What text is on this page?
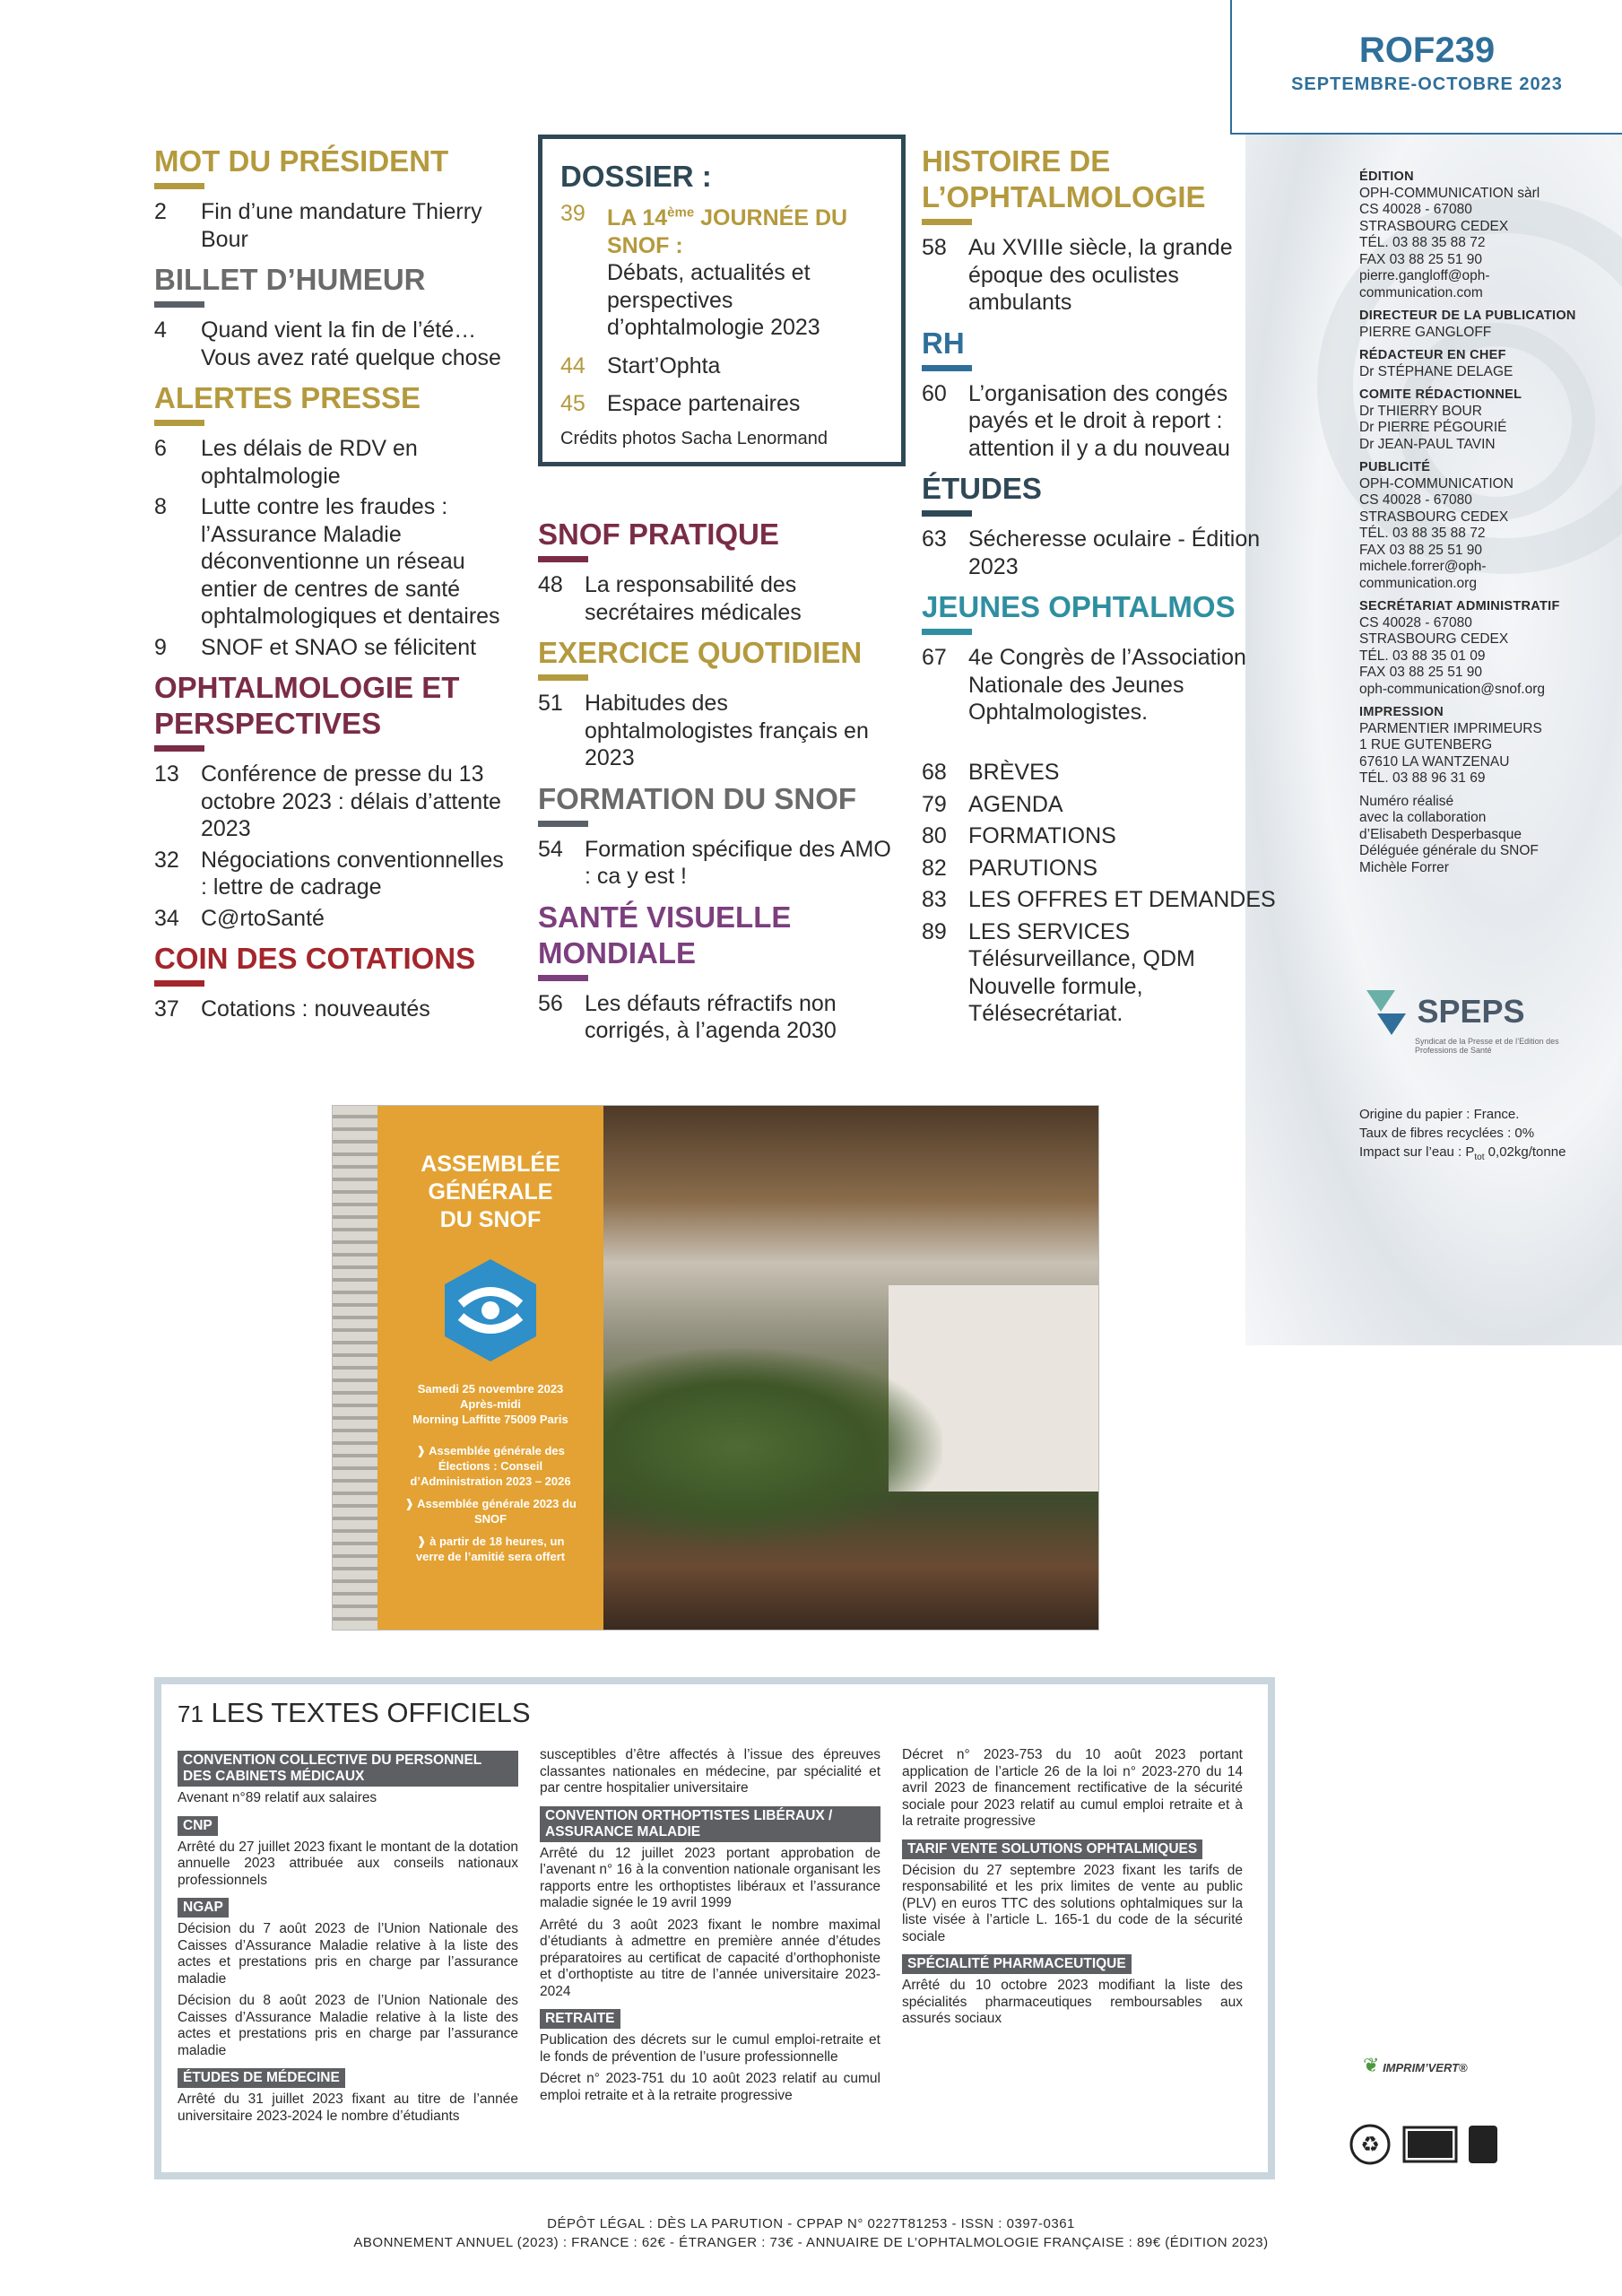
ROF239
SEPTEMBRE-OCTOBRE 2023
MOT DU PRÉSIDENT
2	Fin d’une mandature Thierry Bour
BILLET D’HUMEUR
4	Quand vient la fin de l’été… Vous avez raté quelque chose
ALERTES PRESSE
6	Les délais de RDV en ophtalmologie
8	Lutte contre les fraudes : l’Assurance Maladie déconventionne un réseau entier de centres de santé ophtalmologiques et dentaires
9	SNOF et SNAO se félicitent
OPHTALMOLOGIE ET PERSPECTIVES
13 Conférence de presse du 13 octobre 2023 : délais d’attente 2023
32 Négociations conventionnelles : lettre de cadrage
34 C@rtoSanté
COIN DES COTATIONS
37 Cotations : nouveautés
DOSSIER :
39 LA 14ème JOURNÉE DU SNOF :
Débats, actualités et perspectives d’ophtalmologie 2023
44 Start’Ophta
45 Espace partenaires
Crédits photos Sacha Lenormand
SNOF PRATIQUE
48 La responsabilité des secrétaires médicales
EXERCICE QUOTIDIEN
51 Habitudes des ophtalmologistes français en 2023
FORMATION DU SNOF
54 Formation spécifique des AMO : ca y est !
SANTÉ VISUELLE MONDIALE
56 Les défauts réfractifs non corrigés, à l’agenda 2030
HISTOIRE DE L’OPHTALMOLOGIE
58 Au XVIIIe siècle, la grande époque des oculistes ambulants
RH
60 L’organisation des congés payés et le droit à report : attention il y a du nouveau
ÉTUDES
63 Sécheresse oculaire - Édition 2023
JEUNES OPHTALMOS
67 4e Congrès de l’Association Nationale des Jeunes Ophtalmologistes.
68 BRÈVES
79 AGENDA
80 FORMATIONS
82 PARUTIONS
83 LES OFFRES ET DEMANDES
89 LES SERVICES
Télésurveillance, QDM Nouvelle formule, Télésecrétariat.
ÉDITION
OPH-COMMUNICATION sàrl
CS 40028 - 67080
STRASBOURG CEDEX
TÉL. 03 88 35 88 72
FAX 03 88 25 51 90
pierre.gangloff@oph-communication.com
DIRECTEUR DE LA PUBLICATION
PIERRE GANGLOFF
RÉDACTEUR EN CHEF
Dr STÉPHANE DELAGE
COMITE RÉDACTIONNEL
Dr THIERRY BOUR
Dr PIERRE PÉGOURIÉ
Dr JEAN-PAUL TAVIN
PUBLICITÉ
OPH-COMMUNICATION
CS 40028 - 67080
STRASBOURG CEDEX
TÉL. 03 88 35 88 72
FAX 03 88 25 51 90
michele.forrer@oph-communication.org
SECRÉTARIAT ADMINISTRATIF
CS 40028 - 67080
STRASBOURG CEDEX
TÉL. 03 88 35 01 09
FAX 03 88 25 51 90
oph-communication@snof.org
IMPRESSION
PARMENTIER IMPRIMEURS
1 RUE GUTENBERG
67610 LA WANTZENAU
TÉL. 03 88 96 31 69
Numéro réalisé
avec la collaboration
d’Elisabeth Desperbasque
Déléguée générale du SNOF
Michèle Forrer
SPEPS
Syndicat de la Presse et de l’Edition des Professions de Santé
Origine du papier : France.
Taux de fibres recyclées : 0%
Impact sur l’eau : $P_{tot}$ 0,02kg/tonne
ASSEMBLÉE GÉNÉRALE DU SNOF
Samedi 25 novembre 2023
Après-midi
Morning Laffitte 75009 Paris
❱ Assemblée générale des Élections : Conseil d’Administration 2023 – 2026
❱ Assemblée générale 2023 du SNOF
❱ à partir de 18 heures, un verre de l’amitié sera offert
71 LES TEXTES OFFICIELS
CONVENTION COLLECTIVE DU PERSONNEL DES CABINETS MÉDICAUX

Avenant n°89 relatif aux salaires
CNP

Arrêté du 27 juillet 2023 fixant le montant de la dotation annuelle 2023 attribuée aux conseils nationaux professionnels
NGAP

Décision du 7 août 2023 de l’Union Nationale des Caisses d’Assurance Maladie relative à la liste des actes et prestations pris en charge par l’assurance maladie
Décision du 8 août 2023 de l’Union Nationale des Caisses d’Assurance Maladie relative à la liste des actes et prestations pris en charge par l’assurance maladie
ÉTUDES DE MÉDECINE

Arrêté du 31 juillet 2023 fixant au titre de l’année universitaire 2023-2024 le nombre d’étudiants
susceptibles d’être affectés à l’issue des épreuves classantes nationales en médecine, par spécialité et par centre hospitalier universitaire
CONVENTION ORTHOPTISTES LIBÉRAUX / ASSURANCE MALADIE

Arrêté du 12 juillet 2023 portant approbation de l’avenant n° 16 à la convention nationale organisant les rapports entre les orthoptistes libéraux et l’assurance maladie signée le 19 avril 1999
Arrêté du 3 août 2023 fixant le nombre maximal d’étudiants à admettre en première année d’études préparatoires au certificat de capacité d’orthophoniste et d’orthoptiste au titre de l’année universitaire 2023-2024
RETRAITE

Publication des décrets sur le cumul emploi-retraite et le fonds de prévention de l’usure professionnelle
Décret n° 2023-751 du 10 août 2023 relatif au cumul emploi retraite et à la retraite progressive
Décret n° 2023-753 du 10 août 2023 portant application de l’article 26 de la loi n° 2023-270 du 14 avril 2023 de financement rectificative de la sécurité sociale pour 2023 relatif au cumul emploi retraite et à la retraite progressive
TARIF VENTE SOLUTIONS OPHTALMIQUES

Décision du 27 septembre 2023 fixant les tarifs de responsabilité et les prix limites de vente au public (PLV) en euros TTC des solutions ophtalmiques sur la liste visée à l’article L. 165-1 du code de la sécurité sociale
SPÉCIALITÉ PHARMACEUTIQUE

Arrêté du 10 octobre 2023 modifiant la liste des spécialités pharmaceutiques remboursables aux assurés sociaux
❦ IMPRIM’VERT®
♻
DÉPÔT LÉGAL : DÈS LA PARUTION - CPPAP N° 0227T81253 - ISSN : 0397-0361
ABONNEMENT ANNUEL (2023) : FRANCE : 62€ - ÉTRANGER : 73€ - ANNUAIRE DE L’OPHTALMOLOGIE FRANÇAISE : 89€ (ÉDITION 2023)
